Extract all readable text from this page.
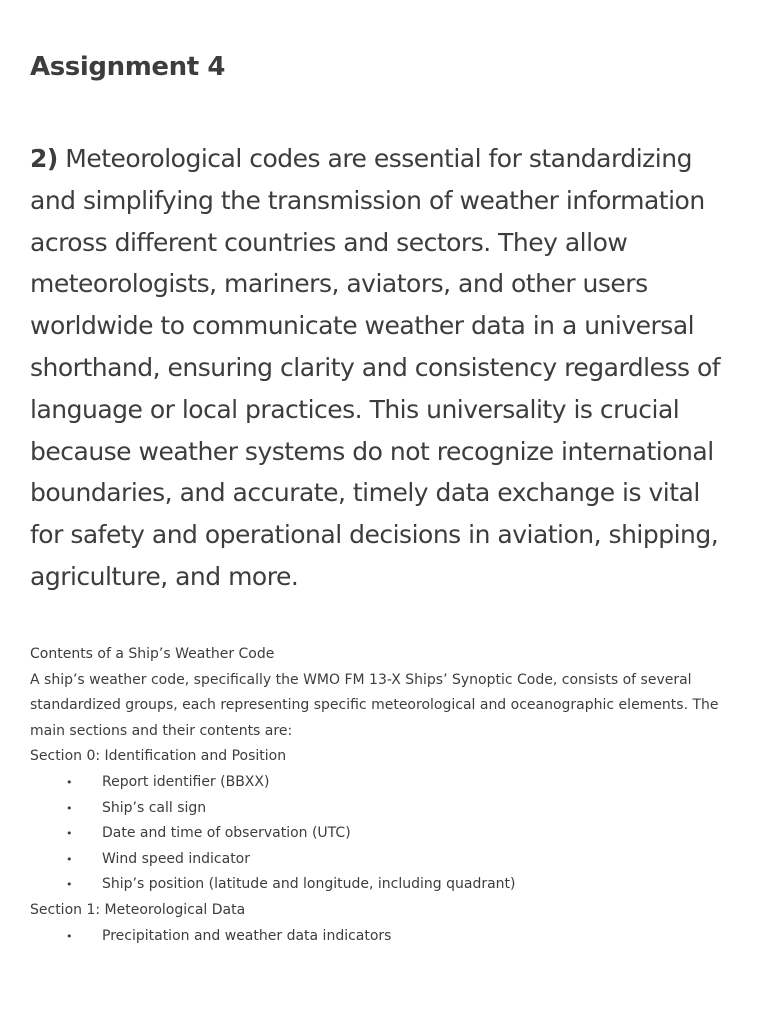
Assignment 4

2) Meteorological codes are essential for standardizing and simplifying the transmission of weather information across different countries and sectors. They allow meteorologists, mariners, aviators, and other users worldwide to communicate weather data in a universal shorthand, ensuring clarity and consistency regardless of language or local practices. This universality is crucial because weather systems do not recognize international boundaries, and accurate, timely data exchange is vital for safety and operational decisions in aviation, shipping, agriculture, and more.

Contents of a Ship’s Weather Code

A ship’s weather code, specifically the WMO FM 13-X Ships’ Synoptic Code, consists of several standardized groups, each representing specific meteorological and oceanographic elements. The main sections and their contents are:

Section 0: Identification and Position

• Report identifier (BBXX)
• Ship’s call sign
• Date and time of observation (UTC)
• Wind speed indicator
• Ship’s position (latitude and longitude, including quadrant)

Section 1: Meteorological Data

• Precipitation and weather data indicators
